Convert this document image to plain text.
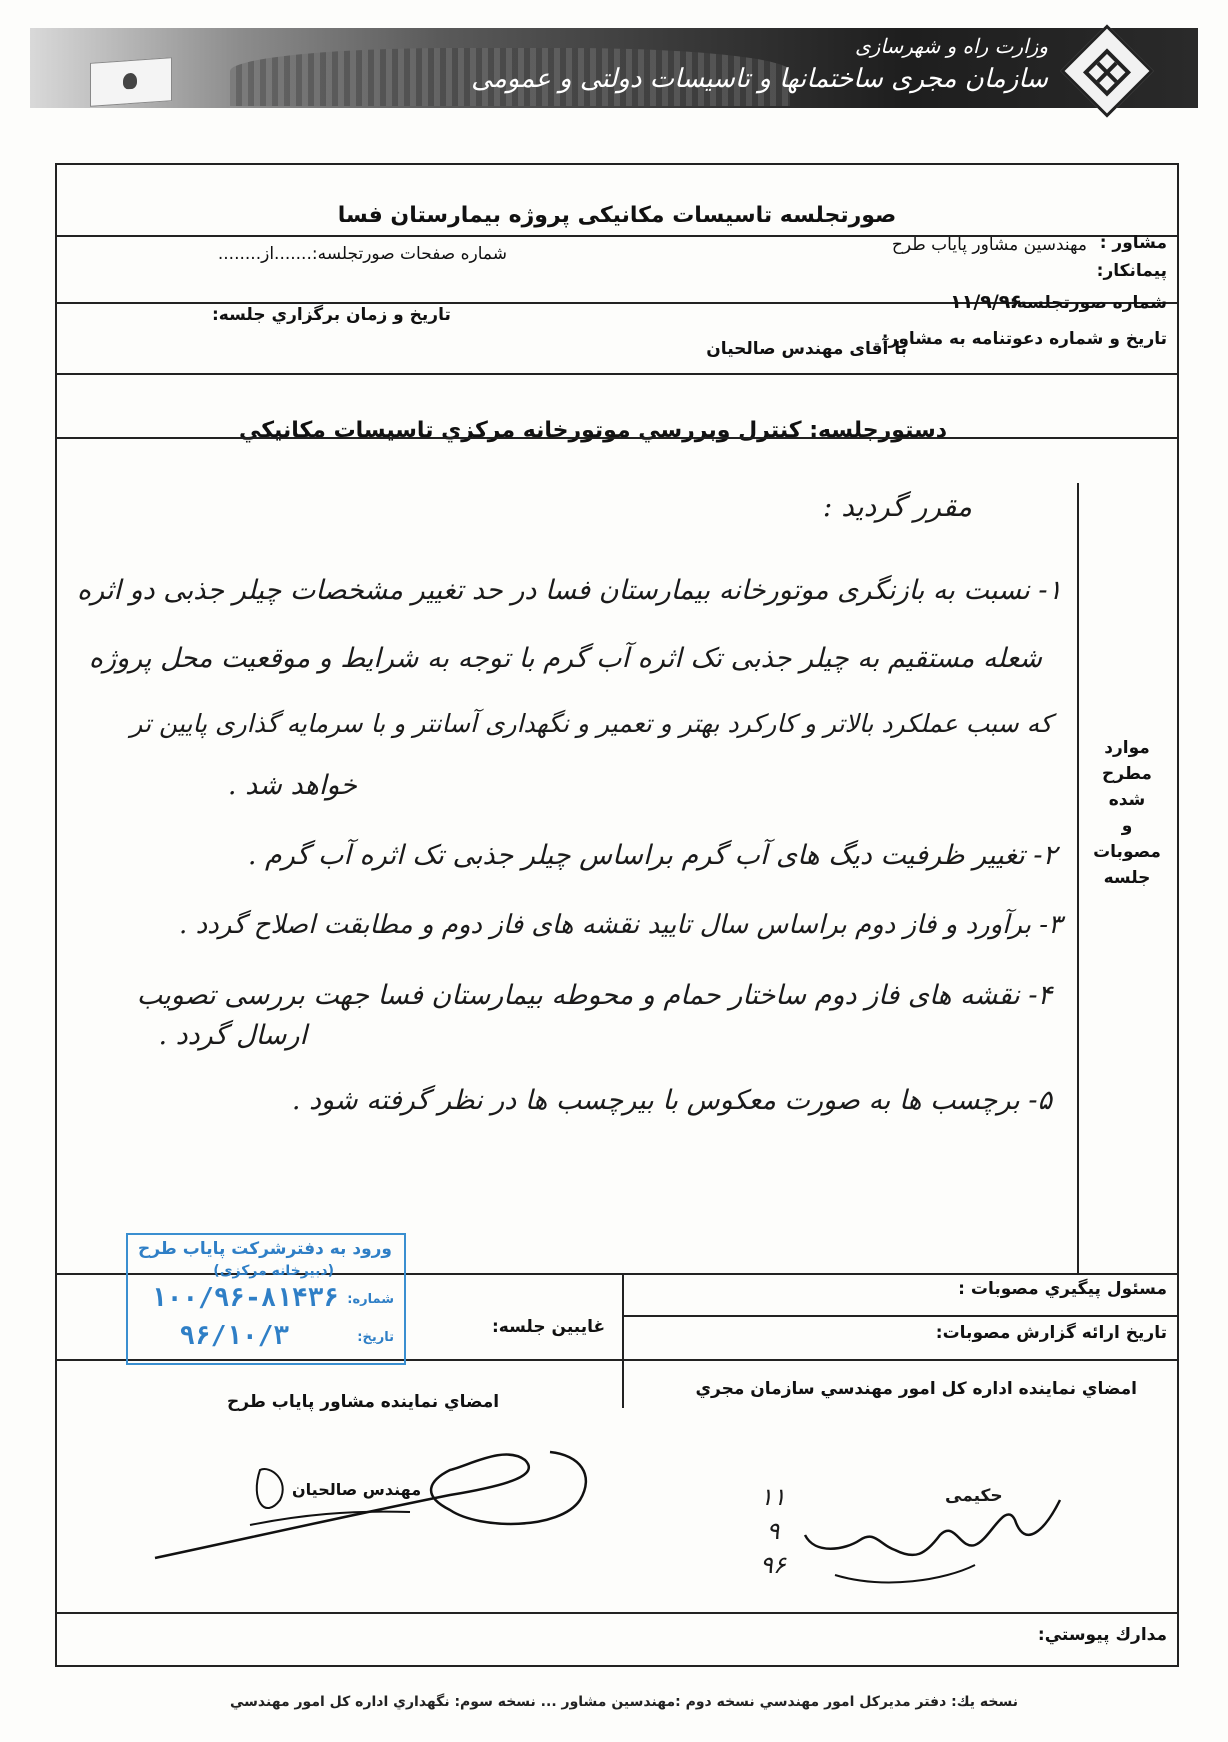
وزارت راه و شهرسازی
سازمان مجری ساختمانها و تاسیسات دولتی و عمومی
صورتجلسه تاسیسات مکانیکی پروژه بیمارستان فسا
مشاور :
مهندسین مشاور پایاب طرح
پیمانکار:
شماره صفحات صورتجلسه:.......از........
شماره صورتجلسه:
۱۱/۹/۹۶
تاريخ و زمان برگزاري جلسه:
تاریخ و شماره دعوتنامه به مشاور:
با آقای مهندس صالحیان
دستورجلسه: كنترل وبررسي موتورخانه مركزي تاسيسات مكانيكي
موارد
مطرح
شده
و
مصوبات
جلسه
مقرر گردید :
۱- نسبت به بازنگری موتورخانه بیمارستان فسا در حد تغییر مشخصات چیلر جذبی دو اثره
شعله مستقیم به چیلر جذبی تک اثره آب گرم با توجه به شرایط و موقعیت محل پروژه
که سبب عملکرد بالاتر و کارکرد بهتر و تعمیر و نگهداری آسانتر و با سرمایه گذاری پایین تر
خواهد شد .
۲- تغییر ظرفیت دیگ های آب گرم براساس چیلر جذبی تک اثره آب گرم .
۳- برآورد و فاز دوم براساس سال تایید نقشه های فاز دوم و مطابقت اصلاح گردد .
۴- نقشه های فاز دوم ساختار حمام و محوطه بیمارستان فسا جهت بررسی تصویب
ارسال گردد .
۵- برچسب ها به صورت معکوس با بیرچسب ها در نظر گرفته شود .
مسئول پيگيري مصوبات :
غايبين جلسه:	تاريخ ارائه گزارش مصوبات:
امضاي نماينده اداره كل امور مهندسي سازمان مجري
امضاي نماينده مشاور پاياب طرح
مدارك پيوستي:
ورود به دفترشرکت پایاب طرح
(دبیرخانه مرکزی)
شماره:
۱۰۰/۹۶-۸۱۴۳۶
تاریخ:
۹۶/۱۰/۳
حکیمی
۱۱
۹
۹۶
مهندس صالحيان
نسخه يك: دفتر مديركل امور مهندسي نسخه دوم :مهندسين مشاور ... نسخه سوم: نگهداري اداره كل امور مهندسي
